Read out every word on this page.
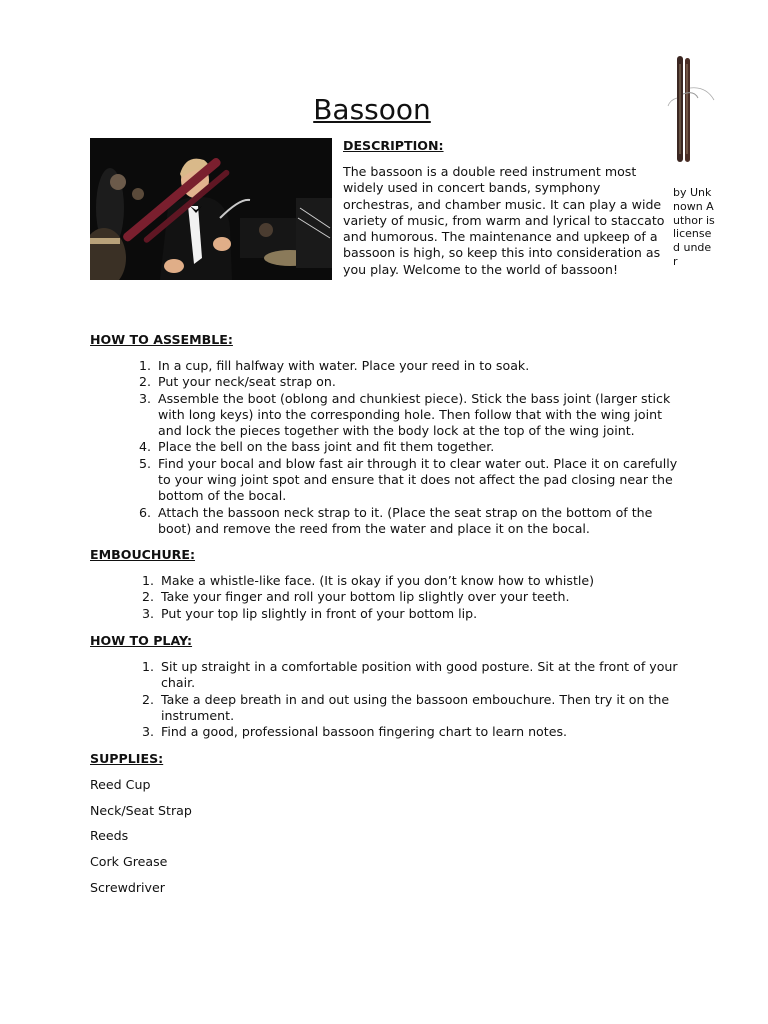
Bassoon

DESCRIPTION:

The bassoon is a double reed instrument most widely used in concert bands, symphony orchestras, and chamber music. It can play a wide variety of music, from warm and lyrical to staccato and humorous. The maintenance and upkeep of a bassoon is high, so keep this into consideration as you play. Welcome to the world of bassoon!

by Unknown Author is licensed under

HOW TO ASSEMBLE:

1. In a cup, fill halfway with water. Place your reed in to soak.
2. Put your neck/seat strap on.
3. Assemble the boot (oblong and chunkiest piece). Stick the bass joint (larger stick with long keys) into the corresponding hole. Then follow that with the wing joint and lock the pieces together with the body lock at the top of the wing joint.
4. Place the bell on the bass joint and fit them together.
5. Find your bocal and blow fast air through it to clear water out. Place it on carefully to your wing joint spot and ensure that it does not affect the pad closing near the bottom of the bocal.
6. Attach the bassoon neck strap to it. (Place the seat strap on the bottom of the boot) and remove the reed from the water and place it on the bocal.

EMBOUCHURE:

1. Make a whistle-like face. (It is okay if you don’t know how to whistle)
2. Take your finger and roll your bottom lip slightly over your teeth.
3. Put your top lip slightly in front of your bottom lip.

HOW TO PLAY:

1. Sit up straight in a comfortable position with good posture. Sit at the front of your chair.
2. Take a deep breath in and out using the bassoon embouchure. Then try it on the instrument.
3. Find a good, professional bassoon fingering chart to learn notes.

SUPPLIES:

Reed Cup
Neck/Seat Strap
Reeds
Cork Grease
Screwdriver
